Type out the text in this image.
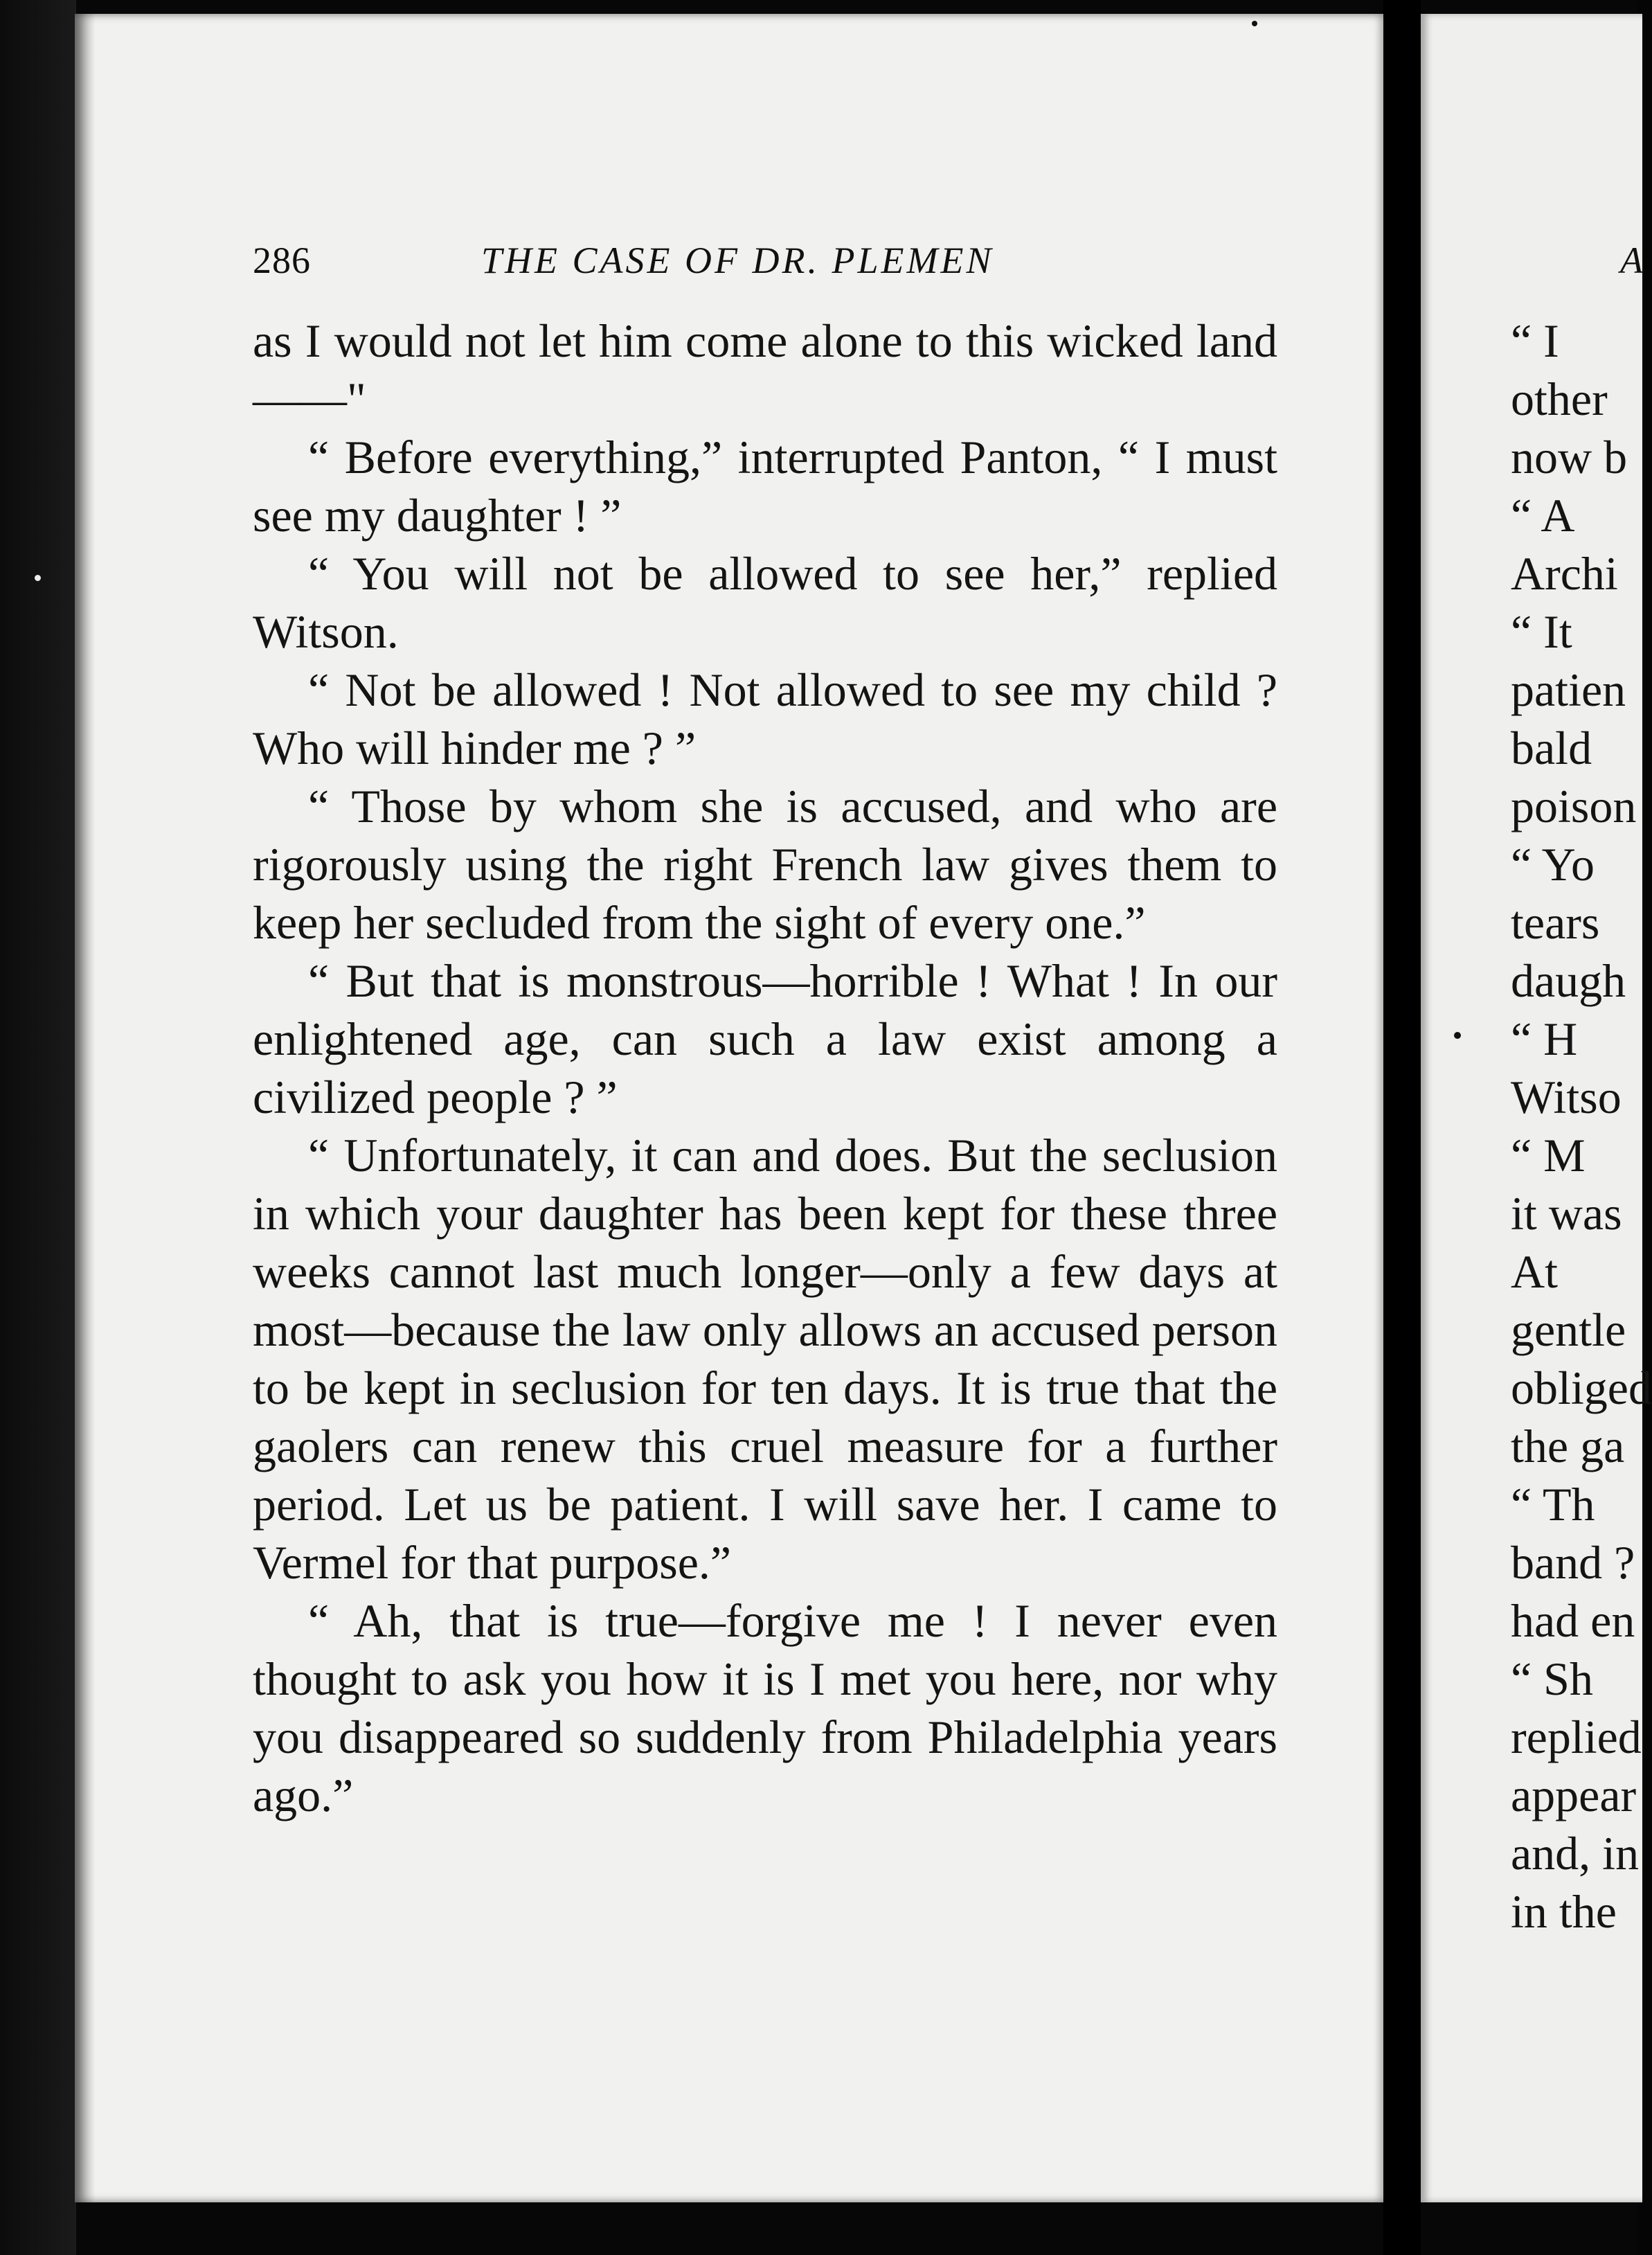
286	THE CASE OF DR. PLEMEN

as I would not let him come alone to this wicked land——"

“ Before everything,” interrupted Panton, “ I must see my daughter ! ”

“ You will not be allowed to see her,” replied Witson.

“ Not be allowed ! Not allowed to see my child ? Who will hinder me ? ”

“ Those by whom she is accused, and who are rigorously using the right French law gives them to keep her secluded from the sight of every one.”

“ But that is monstrous—horrible ! What ! In our enlightened age, can such a law exist among a civilized people ? ”

“ Unfortunately, it can and does. But the seclusion in which your daughter has been kept for these three weeks cannot last much longer—only a few days at most—because the law only allows an accused person to be kept in seclusion for ten days. It is true that the gaolers can renew this cruel measure for a further period. Let us be patient. I will save her. I came to Vermel for that purpose.”

“ Ah, that is true—forgive me ! I never even thought to ask you how it is I met you here, nor why you disappeared so suddenly from Philadelphia years ago.”

A
“ I
other
now b
“ A
Archi
“ It
patien
bald
poison
“ Yo
tears
daugh
“ H
Witso
“ M
it was
At
gentle
obliged
the ga
“ Th
band ?
had en
“ Sh
replied
appear
and, in
in the
